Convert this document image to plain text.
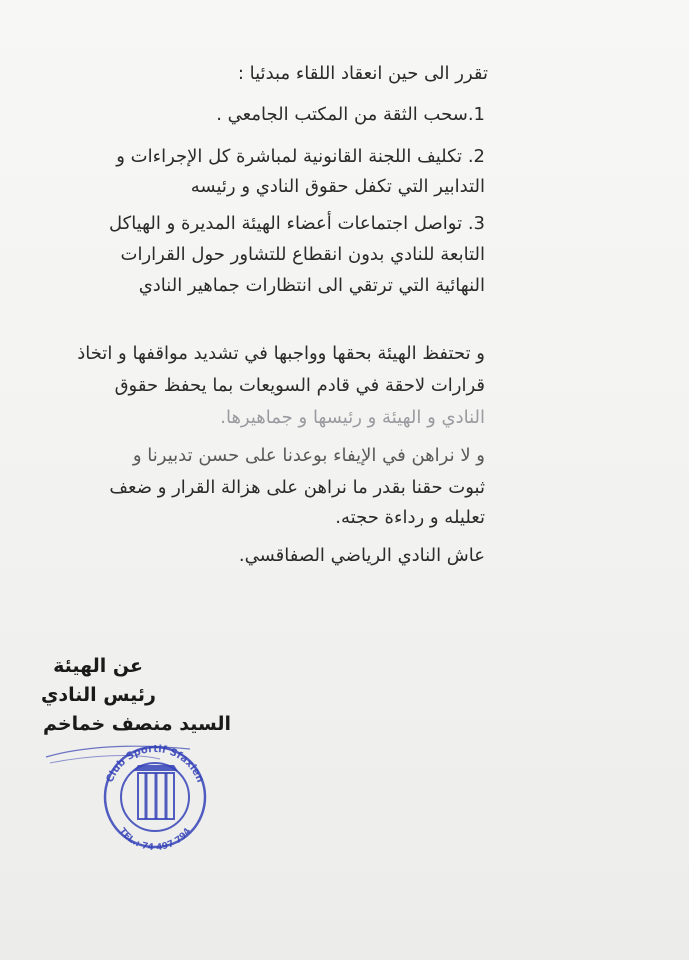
تقرر الى حين انعقاد اللقاء مبدئيا :
1.سحب الثقة من المكتب الجامعي .
2. تكليف اللجنة القانونية لمباشرة كل الإجراءات و
التدابير التي تكفل حقوق النادي و رئيسه
3. تواصل اجتماعات أعضاء الهيئة المديرة و الهياكل
التابعة للنادي بدون انقطاع للتشاور حول القرارات
النهائية التي ترتقي الى انتظارات جماهير النادي
و تحتفظ الهيئة بحقها وواجبها في تشديد مواقفها و اتخاذ
قرارات لاحقة في قادم السويعات بما يحفظ حقوق
النادي و الهيئة و رئيسها و جماهيرها.
و لا نراهن في الإيفاء بوعدنا على حسن تدبيرنا و
ثبوت حقنا بقدر ما نراهن على هزالة القرار و ضعف
تعليله و رداءة حجته.
عاش النادي الرياضي الصفاقسي.
عن الهيئة
رئيس النادي
السيد منصف خماخم
Club Sportif Sfaxien
TEL.: 74 497 794
